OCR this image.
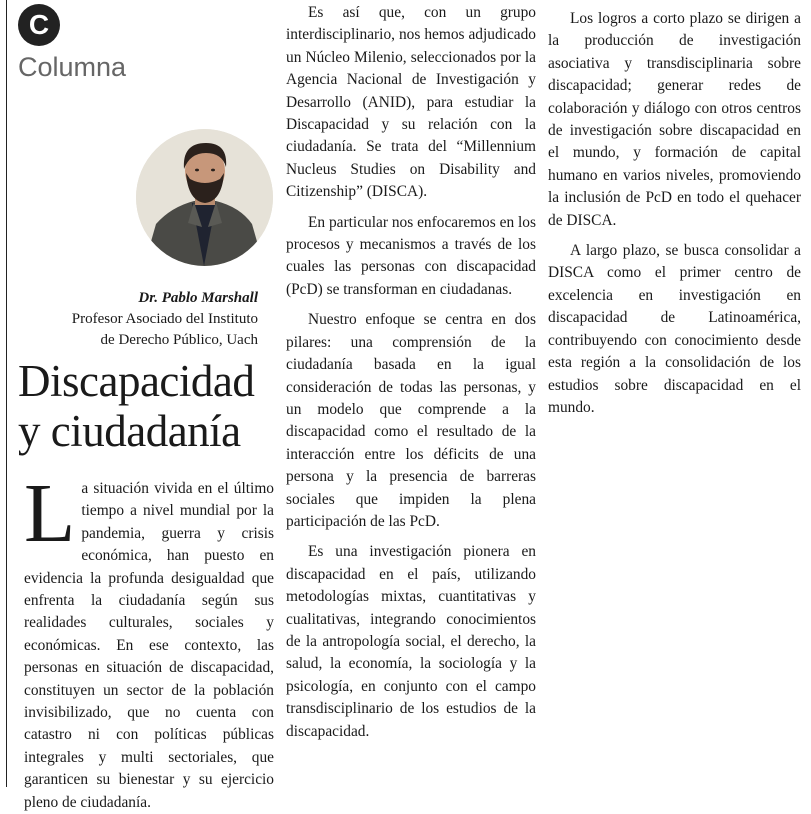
C
Columna
Dr. Pablo Marshall
Profesor Asociado del Instituto
de Derecho Público, Uach
Discapacidad y ciudadanía

La situación vivida en el último tiempo a nivel mundial por la pandemia, guerra y crisis económica, han puesto en evidencia la profunda desigualdad que enfrenta la ciudadanía según sus realidades culturales, sociales y económicas. En ese contexto, las personas en situación de discapacidad, constituyen un sector de la población invisibilizado, que no cuenta con catastro ni con políticas públicas integrales y multi sectoriales, que garanticen su bienestar y su ejercicio pleno de ciudadanía.

Es así que, con un grupo interdisciplinario, nos hemos adjudicado un Núcleo Milenio, seleccionados por la Agencia Nacional de Investigación y Desarrollo (ANID), para estudiar la Discapacidad y su relación con la ciudadanía. Se trata del “Millennium Nucleus Studies on Disability and Citizenship” (DISCA).

En particular nos enfocaremos en los procesos y mecanismos a través de los cuales las personas con discapacidad (PcD) se transforman en ciudadanas.

Nuestro enfoque se centra en dos pilares: una comprensión de la ciudadanía basada en la igual consideración de todas las personas, y un modelo que comprende a la discapacidad como el resultado de la interacción entre los déficits de una persona y la presencia de barreras sociales que impiden la plena participación de las PcD.

Es una investigación pionera en discapacidad en el país, utilizando metodologías mixtas, cuantitativas y cualitativas, integrando conocimientos de la antropología social, el derecho, la salud, la economía, la sociología y la psicología, en conjunto con el campo transdisciplinario de los estudios de la discapacidad.

Los logros a corto plazo se dirigen a la producción de investigación asociativa y transdisciplinaria sobre discapacidad; generar redes de colaboración y diálogo con otros centros de investigación sobre discapacidad en el mundo, y formación de capital humano en varios niveles, promoviendo la inclusión de PcD en todo el quehacer de DISCA.

A largo plazo, se busca consolidar a DISCA como el primer centro de excelencia en investigación en discapacidad de Latinoamérica, contribuyendo con conocimiento desde esta región a la consolidación de los estudios sobre discapacidad en el mundo.
